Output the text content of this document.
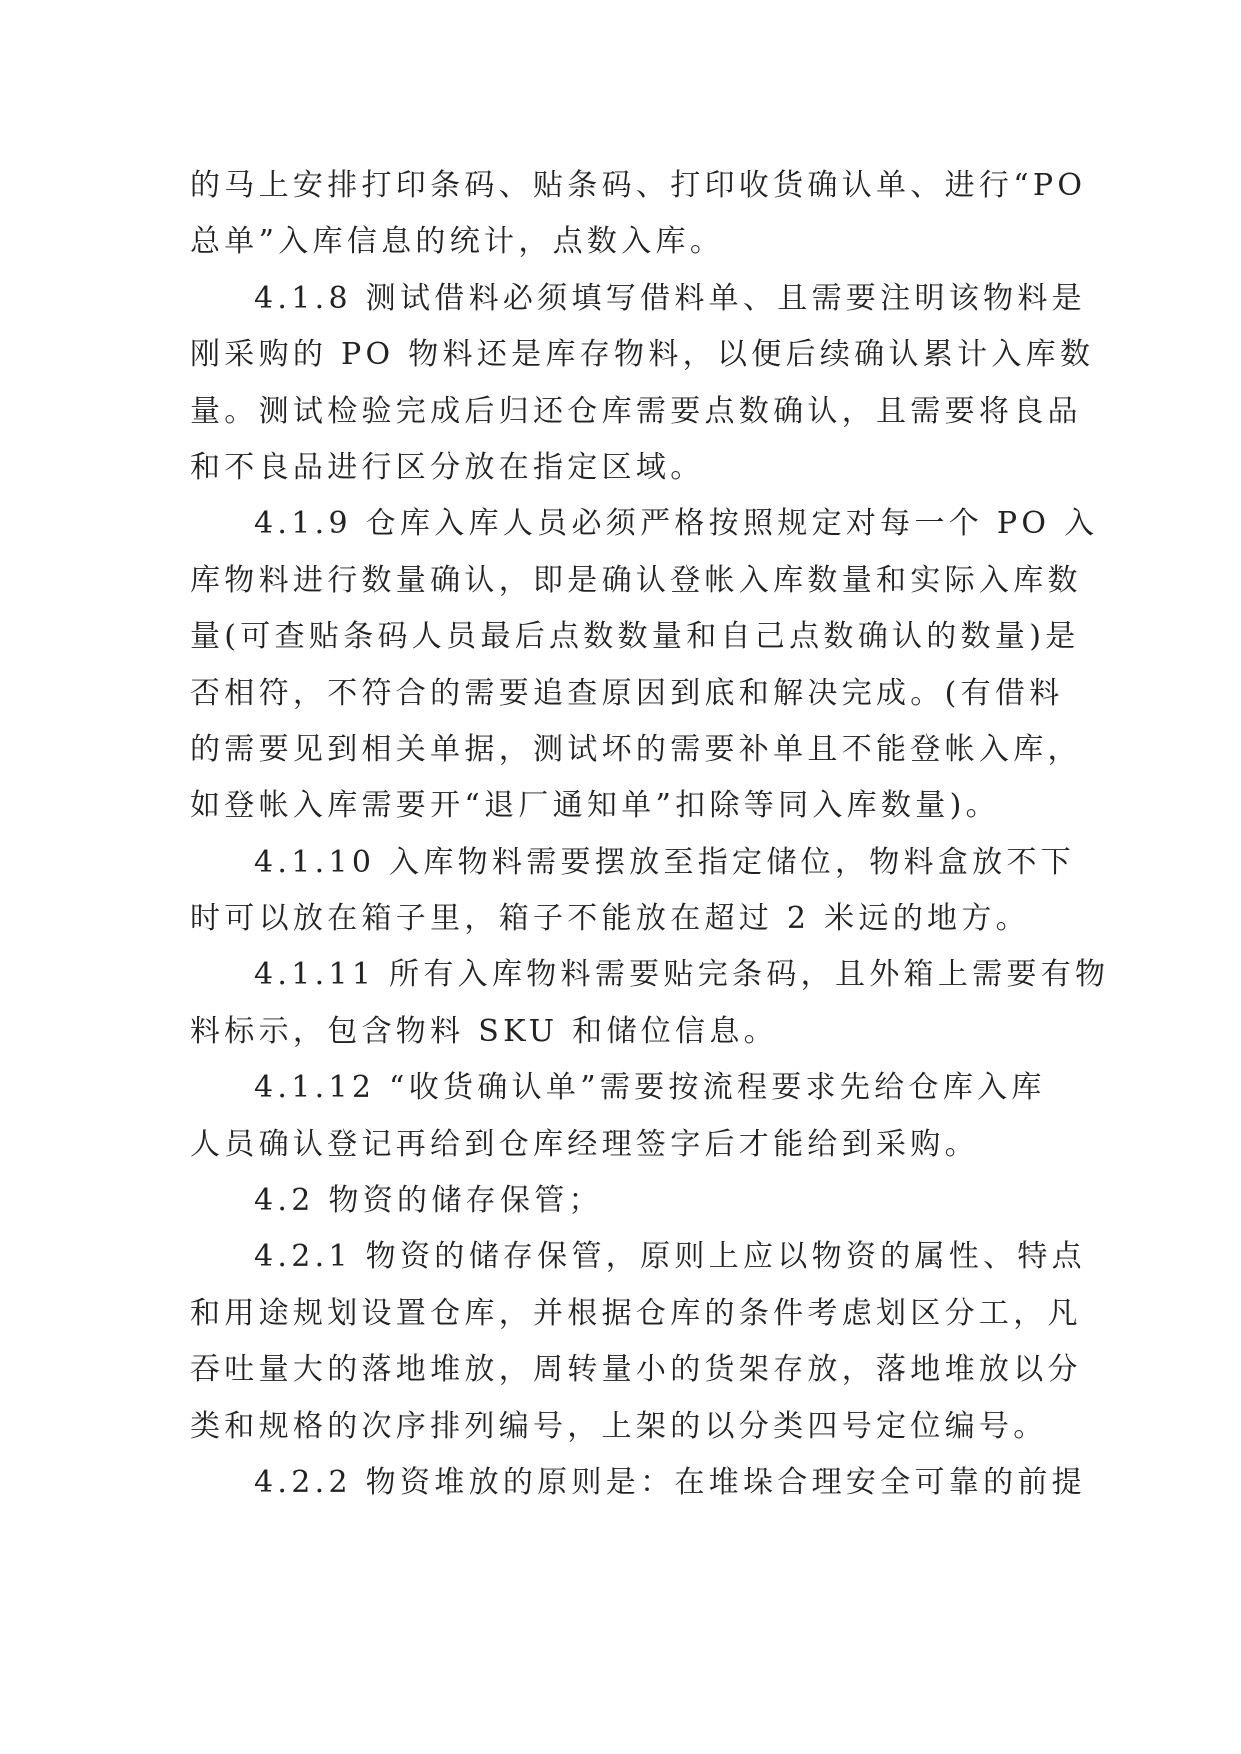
的马上安排打印条码、贴条码、打印收货确认单、进行“PO
总单”入库信息的统计，点数入库。
4.1.8 测试借料必须填写借料单、且需要注明该物料是
刚采购的 PO 物料还是库存物料，以便后续确认累计入库数
量。测试检验完成后归还仓库需要点数确认，且需要将良品
和不良品进行区分放在指定区域。
4.1.9 仓库入库人员必须严格按照规定对每一个 PO 入
库物料进行数量确认，即是确认登帐入库数量和实际入库数
量(可查贴条码人员最后点数数量和自己点数确认的数量)是
否相符，不符合的需要追查原因到底和解决完成。(有借料
的需要见到相关单据，测试坏的需要补单且不能登帐入库，
如登帐入库需要开“退厂通知单”扣除等同入库数量)。
4.1.10 入库物料需要摆放至指定储位，物料盒放不下
时可以放在箱子里，箱子不能放在超过 2 米远的地方。
4.1.11 所有入库物料需要贴完条码，且外箱上需要有物
料标示，包含物料 SKU 和储位信息。
4.1.12 “收货确认单”需要按流程要求先给仓库入库
人员确认登记再给到仓库经理签字后才能给到采购。
4.2 物资的储存保管；
4.2.1 物资的储存保管，原则上应以物资的属性、特点
和用途规划设置仓库，并根据仓库的条件考虑划区分工，凡
吞吐量大的落地堆放，周转量小的货架存放，落地堆放以分
类和规格的次序排列编号，上架的以分类四号定位编号。
4.2.2 物资堆放的原则是：在堆垛合理安全可靠的前提
